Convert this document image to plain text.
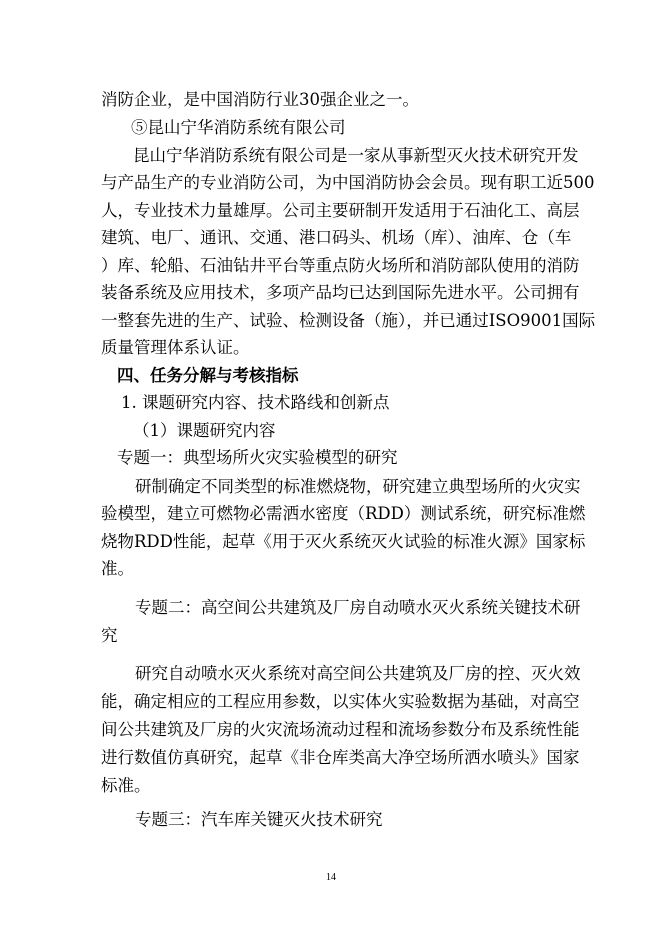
消防企业，是中国消防行业30强企业之一。
⑤昆山宁华消防系统有限公司
昆山宁华消防系统有限公司是一家从事新型灭火技术研究开发
与产品生产的专业消防公司，为中国消防协会会员。现有职工近500
人，专业技术力量雄厚。公司主要研制开发适用于石油化工、高层
建筑、电厂、通讯、交通、港口码头、机场（库）、油库、仓（车
）库、轮船、石油钻井平台等重点防火场所和消防部队使用的消防
装备系统及应用技术，多项产品均已达到国际先进水平。公司拥有
一整套先进的生产、试验、检测设备（施），并已通过ISO9001国际
质量管理体系认证。
四、任务分解与考核指标
1. 课题研究内容、技术路线和创新点
（1）课题研究内容
专题一：典型场所火灾实验模型的研究
研制确定不同类型的标准燃烧物，研究建立典型场所的火灾实
验模型，建立可燃物必需洒水密度（RDD）测试系统，研究标准燃
烧物RDD性能，起草《用于灭火系统灭火试验的标准火源》国家标
准。
专题二：高空间公共建筑及厂房自动喷水灭火系统关键技术研
究
研究自动喷水灭火系统对高空间公共建筑及厂房的控、灭火效
能，确定相应的工程应用参数，以实体火实验数据为基础，对高空
间公共建筑及厂房的火灾流场流动过程和流场参数分布及系统性能
进行数值仿真研究，起草《非仓库类高大净空场所洒水喷头》国家
标准。
专题三：汽车库关键灭火技术研究
14
